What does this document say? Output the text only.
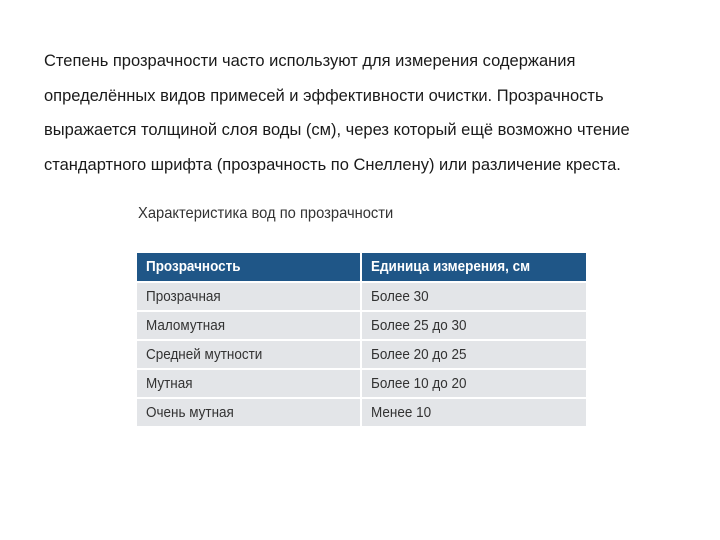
Степень прозрачности часто используют для измерения содержания

определённых видов примесей и эффективности очистки. Прозрачность

выражается толщиной слоя воды (см), через который ещё возможно чтение

стандартного шрифта (прозрачность по Снеллену) или различение креста.

Характеристика вод по прозрачности
Прозрачность	Единица измерения, см
Прозрачная	Более 30
Маломутная	Более 25 до 30
Средней мутности	Более 20 до 25
Мутная	Более 10 до 20
Очень мутная	Менее 10
